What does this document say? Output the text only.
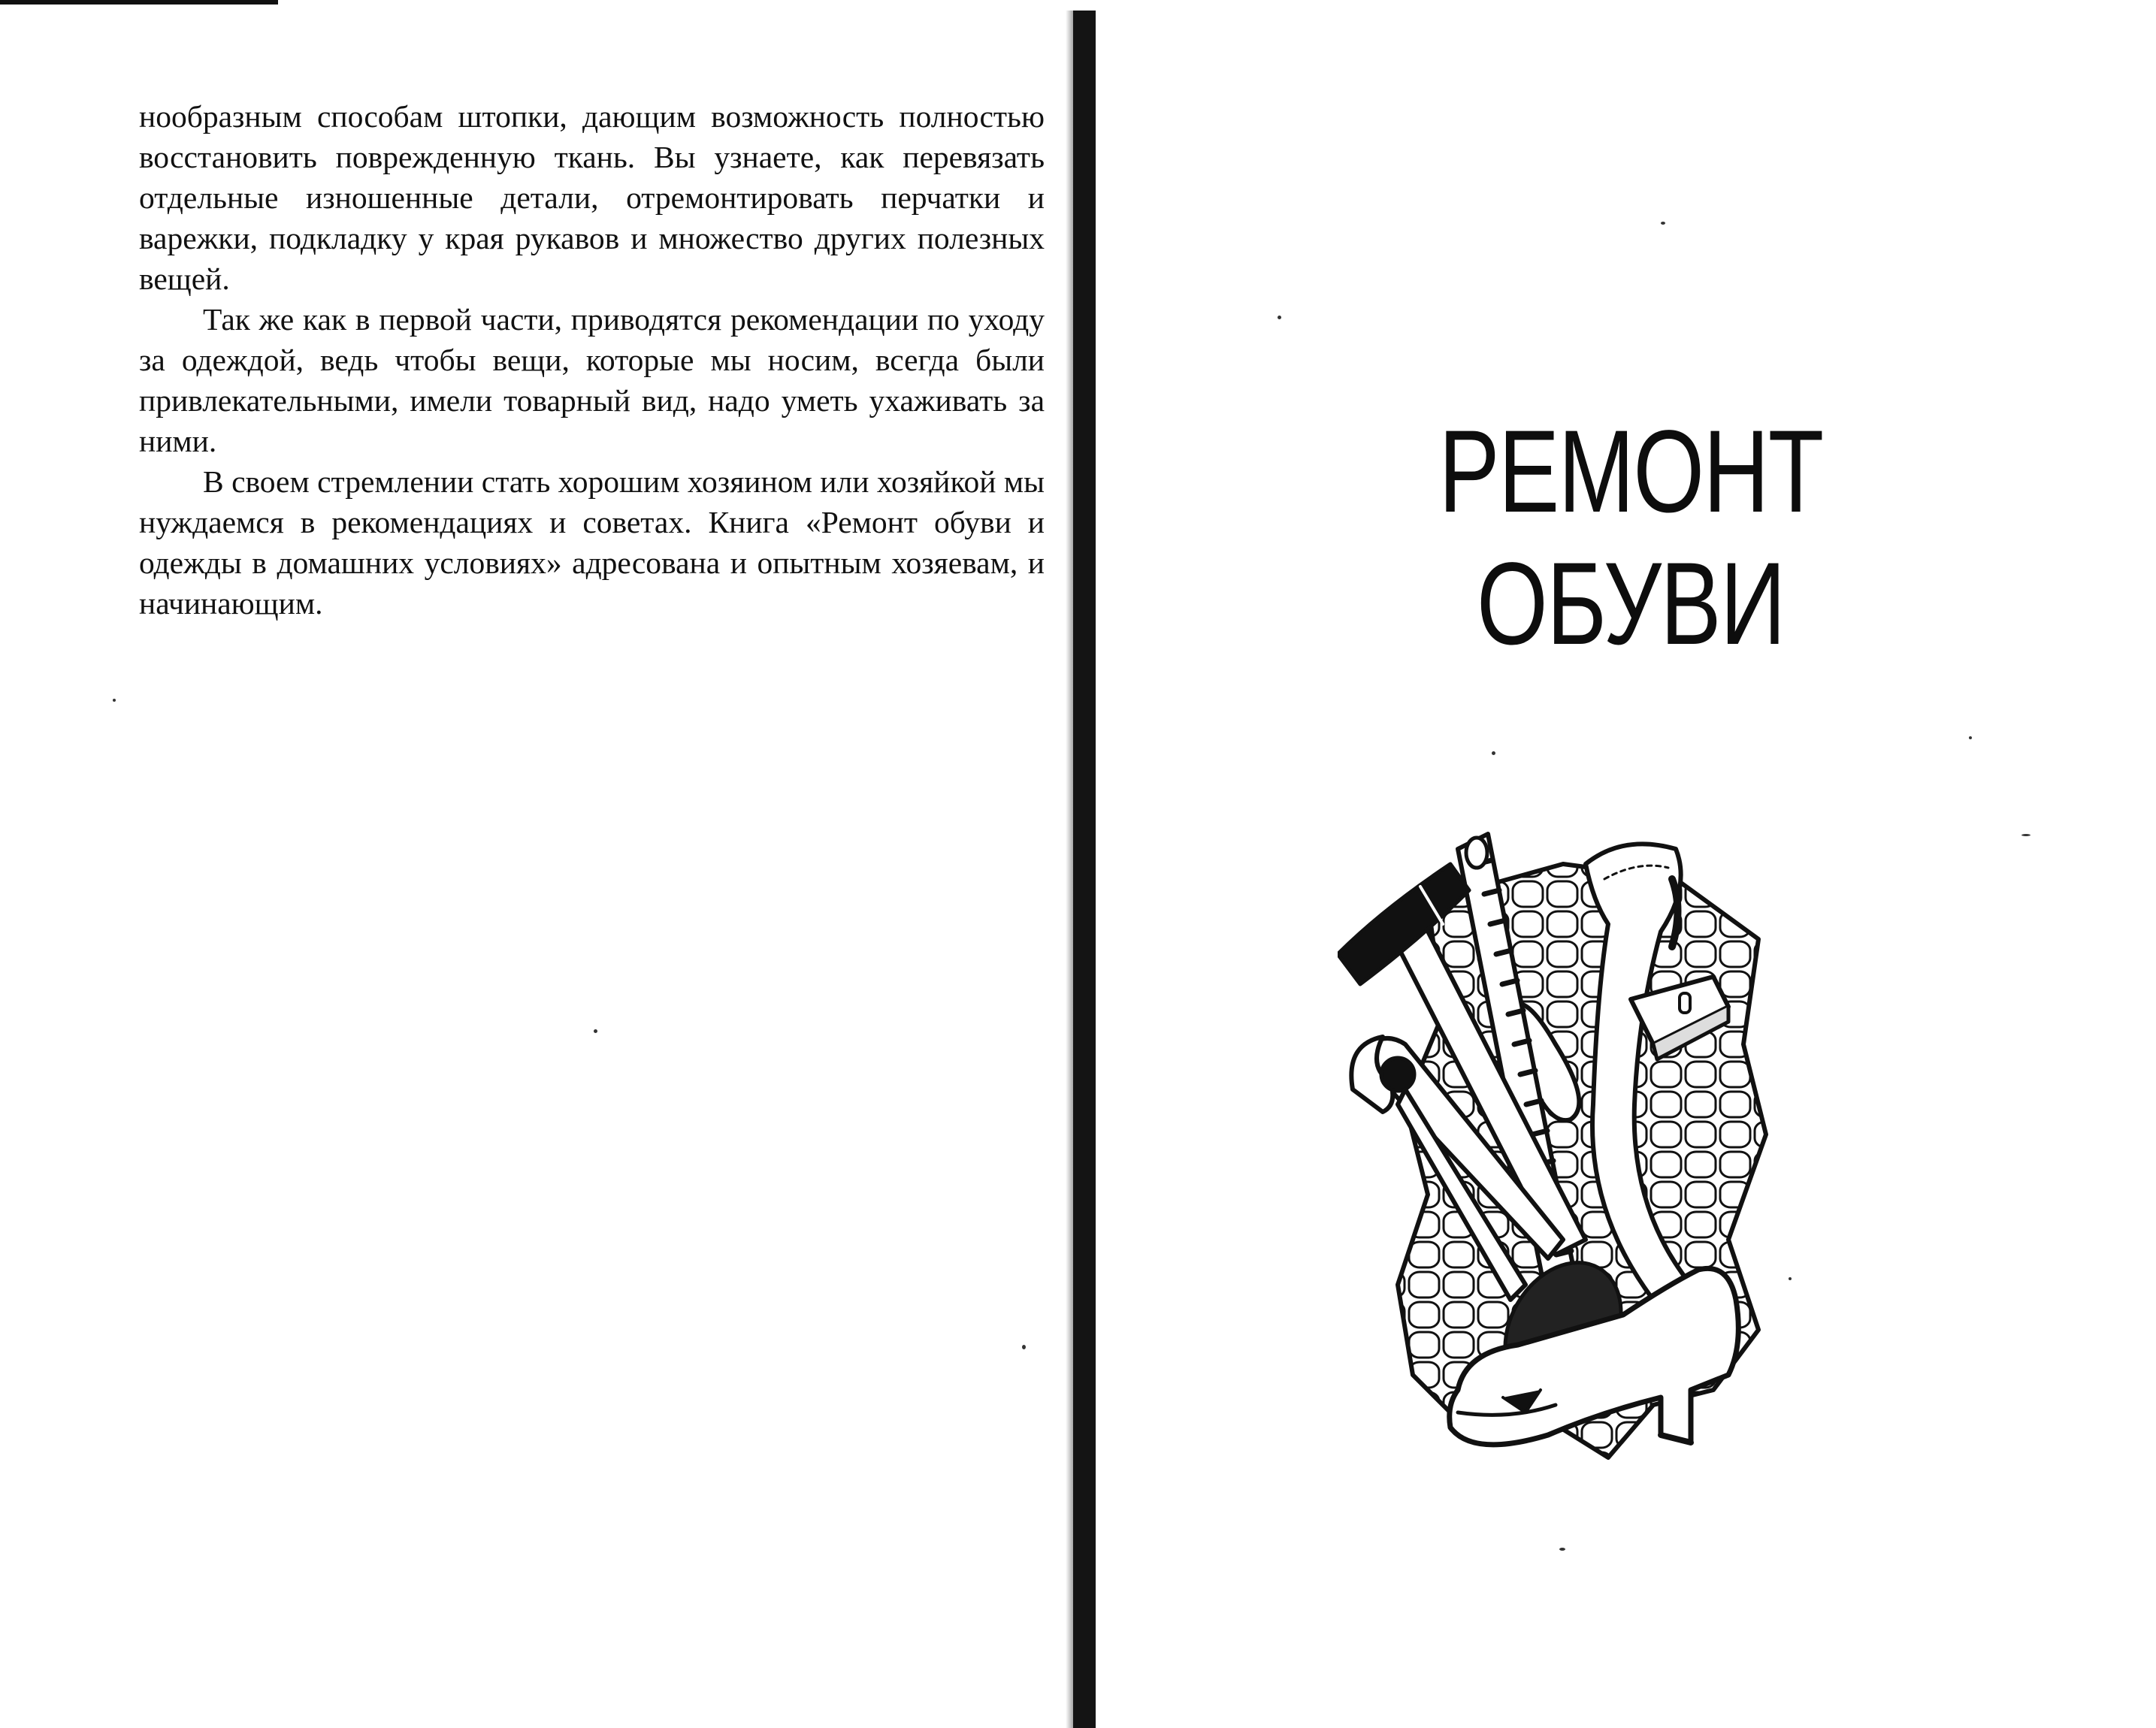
нообразным способам штопки, дающим возможность полностью восстановить поврежденную ткань. Вы узнаете, как перевязать отдельные изношенные детали, отремонтировать перчатки и варежки, подкладку у края рукавов и множество других полезных вещей.

Так же как в первой части, приводятся рекомендации по уходу за одеждой, ведь чтобы вещи, которые мы носим, всегда были привлекательными, имели товарный вид, надо уметь ухаживать за ними.

В своем стремлении стать хорошим хозяином или хозяйкой мы нуждаемся в рекомендациях и советах. Книга «Ремонт обуви и одежды в домашних условиях» адресована и опытным хозяевам, и начинающим.

РЕМОНТ
ОБУВИ
